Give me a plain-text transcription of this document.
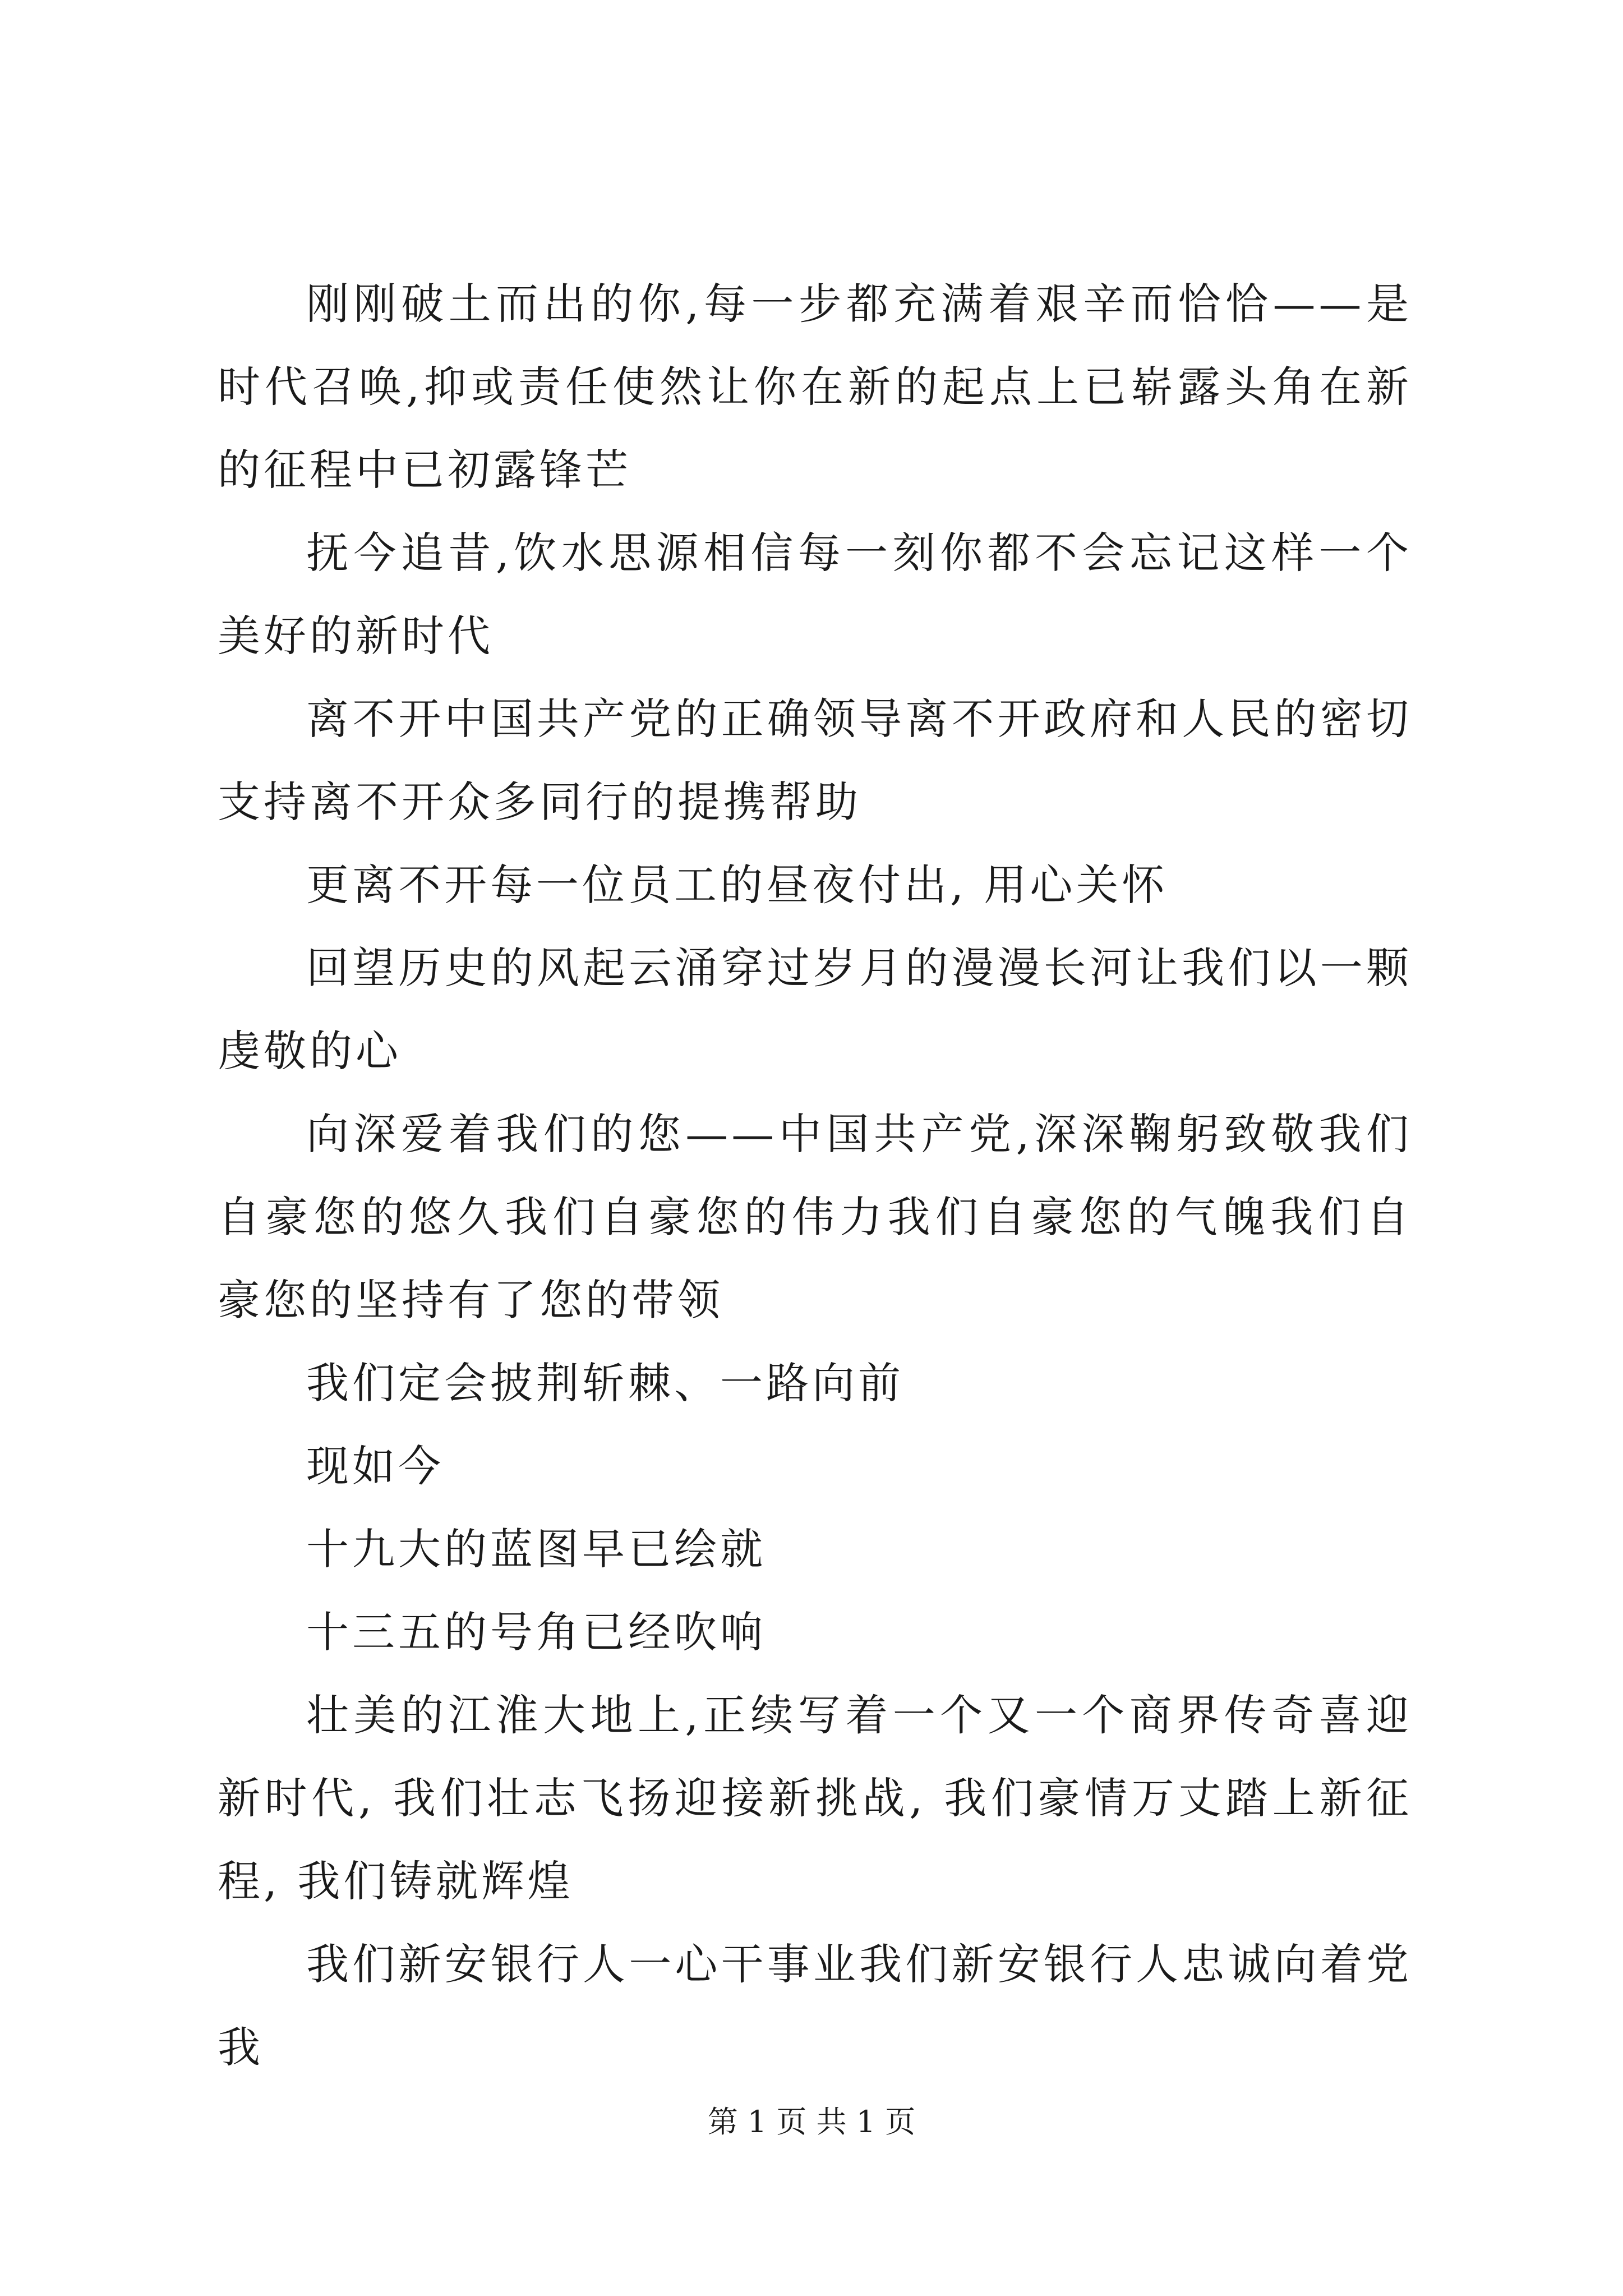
刚刚破土而出的你,每一步都充满着艰辛而恰恰——是时代召唤,抑或责任使然让你在新的起点上已崭露头角在新的征程中已初露锋芒

抚今追昔,饮水思源相信每一刻你都不会忘记这样一个美好的新时代

离不开中国共产党的正确领导离不开政府和人民的密切支持离不开众多同行的提携帮助

更离不开每一位员工的昼夜付出, 用心关怀

回望历史的风起云涌穿过岁月的漫漫长河让我们以一颗虔敬的心

向深爱着我们的您——中国共产党,深深鞠躬致敬我们自豪您的悠久我们自豪您的伟力我们自豪您的气魄我们自豪您的坚持有了您的带领

我们定会披荆斩棘、一路向前

现如今

十九大的蓝图早已绘就

十三五的号角已经吹响

壮美的江淮大地上,正续写着一个又一个商界传奇喜迎新时代, 我们壮志飞扬迎接新挑战, 我们豪情万丈踏上新征程, 我们铸就辉煌

我们新安银行人一心干事业我们新安银行人忠诚向着党我

第 1 页 共 1 页
